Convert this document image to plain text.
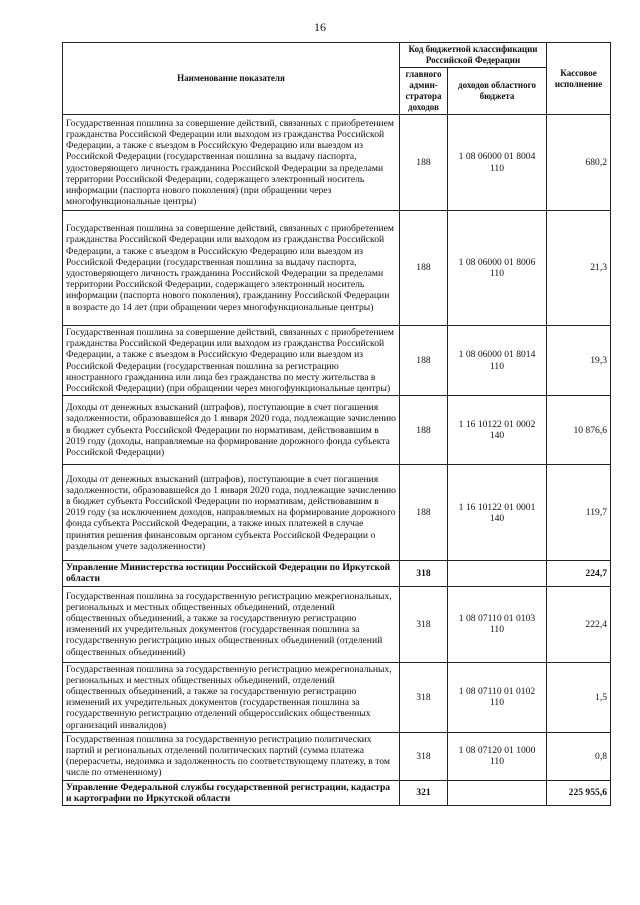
16
Наименование показателя	Код бюджетной классификации Российской Федерации		Кассовое исполнение
	главного админ-стратора доходов	доходов областного бюджета	
Государственная пошлина за совершение действий, связанных с приобретением гражданства Российской Федерации или выходом из гражданства Российской Федерации, а также с въездом в Российскую Федерацию или выездом из Российской Федерации (государственная пошлина за выдачу паспорта, удостоверяющего личность гражданина Российской Федерации за пределами территории Российской Федерации, содержащего электронный носитель информации (паспорта нового поколения) (при обращении через многофункциональные центры)	188	1 08 06000 01 8004 110	680,2
Государственная пошлина за совершение действий, связанных с приобретением гражданства Российской Федерации или выходом из гражданства Российской Федерации, а также с въездом в Российскую Федерацию или выездом из Российской Федерации (государственная пошлина за выдачу паспорта, удостоверяющего личность гражданина Российской Федерации за пределами территории Российской Федерации, содержащего электронный носитель информации (паспорта нового поколения), гражданину Российской Федерации в возрасте до 14 лет (при обращении через многофункциональные центры)	188	1 08 06000 01 8006 110	21,3
Государственная пошлина за совершение действий, связанных с приобретением гражданства Российской Федерации или выходом из гражданства Российской Федерации, а также с въездом в Российскую Федерацию или выездом из Российской Федерации (государственная пошлина за регистрацию иностранного гражданина или лица без гражданства по месту жительства в Российской Федерации) (при обращении через многофункциональные центры)	188	1 08 06000 01 8014 110	19,3
Доходы от денежных взысканий (штрафов), поступающие в счет погашения задолженности, образовавшейся до 1 января 2020 года, подлежащие зачислению в бюджет субъекта Российской Федерации по нормативам, действовавшим в 2019 году (доходы, направляемые на формирование дорожного фонда субъекта Российской Федерации)	188	1 16 10122 01 0002 140	10 876,6
Доходы от денежных взысканий (штрафов), поступающие в счет погашения задолженности, образовавшейся до 1 января 2020 года, подлежащие зачислению в бюджет субъекта Российской Федерации по нормативам, действовавшим в 2019 году (за исключением доходов, направляемых на формирование дорожного фонда субъекта Российской Федерации, а также иных платежей в случае принятия решения финансовым органом субъекта Российской Федерации о раздельном учете задолженности)	188	1 16 10122 01 0001 140	119,7
Управление Министерства юстиции Российской Федерации по Иркутской области	318		224,7
Государственная пошлина за государственную регистрацию межрегиональных, региональных и местных общественных объединений, отделений общественных объединений, а также за государственную регистрацию изменений их учредительных документов (государственная пошлина за государственную регистрацию иных общественных объединений (отделений общественных объединений)	318	1 08 07110 01 0103 110	222,4
Государственная пошлина за государственную регистрацию межрегиональных, региональных и местных общественных объединений, отделений общественных объединений, а также за государственную регистрацию изменений их учредительных документов (государственная пошлина за государственную регистрацию отделений общероссийских общественных организаций инвалидов)	318	1 08 07110 01 0102 110	1,5
Государственная пошлина за государственную регистрацию политических партий и региональных отделений политических партий (сумма платежа (перерасчеты, недоимка и задолженность по соответствующему платежу, в том числе по отмененному)	318	1 08 07120 01 1000 110	0,8
Управление Федеральной службы государственной регистрации, кадастра и картографии по Иркутской области	321		225 955,6
